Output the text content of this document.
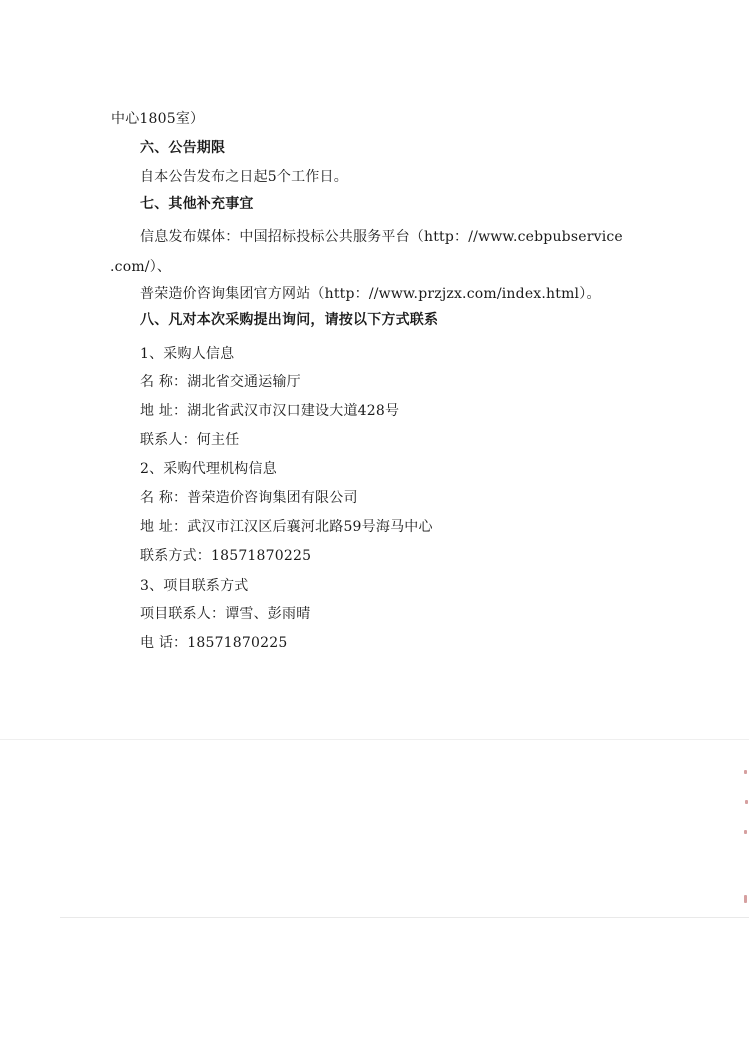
中心1805室）
六、公告期限
自本公告发布之日起5个工作日。
七、其他补充事宜
信息发布媒体：中国招标投标公共服务平台（http：//www.cebpubservice
.com/）、
普荣造价咨询集团官方网站（http：//www.przjzx.com/index.html）。
八、凡对本次采购提出询问，请按以下方式联系
1、采购人信息
名 称：湖北省交通运输厅
地 址：湖北省武汉市汉口建设大道428号
联系人：何主任
2、采购代理机构信息
名 称：普荣造价咨询集团有限公司
地 址：武汉市江汉区后襄河北路59号海马中心
联系方式：18571870225
3、项目联系方式
项目联系人：谭雪、彭雨晴
电 话：18571870225
